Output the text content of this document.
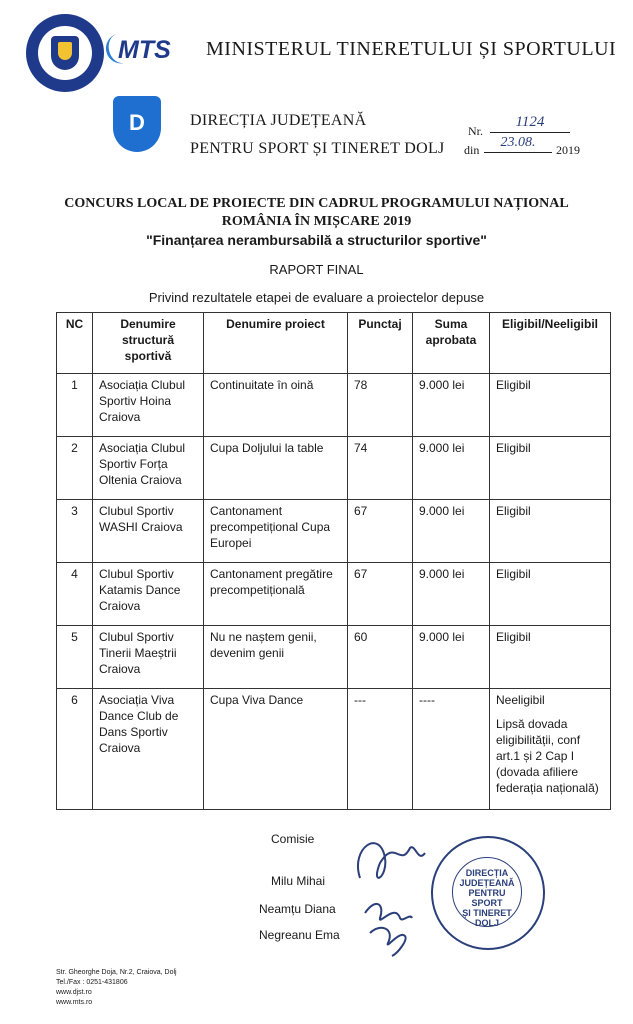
MTS MINISTERUL TINERETULUI ȘI SPORTULUI
D	DIRECȚIA JUDEȚEANĂ
PENTRU SPORT ȘI TINERET DOLJ
Nr.
1124
din	23.08.	2019
CONCURS LOCAL DE PROIECTE DIN CADRUL PROGRAMULUI NAȚIONAL
ROMÂNIA ÎN MIȘCARE 2019
"Finanțarea nerambursabilă a structurilor sportive"
RAPORT FINAL
Privind rezultatele etapei de evaluare a proiectelor depuse
NC	Denumire structură sportivă	Denumire proiect	Punctaj	Suma aprobata	Eligibil/Neeligibil
1	Asociația Clubul Sportiv Hoina Craiova	Continuitate în oină	78	9.000 lei	Eligibil
2	Asociația Clubul Sportiv Forța Oltenia Craiova	Cupa Doljului la table	74	9.000 lei	Eligibil
3	Clubul Sportiv WASHI Craiova	Cantonament precompetițional Cupa Europei	67	9.000 lei	Eligibil
4	Clubul Sportiv Katamis Dance Craiova	Cantonament pregătire precompetițională	67	9.000 lei	Eligibil
5	Clubul Sportiv Tinerii Maeștrii Craiova	Nu ne naștem genii, devenim genii	60	9.000 lei	Eligibil
6	Asociația Viva Dance Club de Dans Sportiv Craiova	Cupa Viva Dance	---	----	Neeligibil
Lipsă dovada eligibilității, conf art.1 și 2 Cap I (dovada afiliere federația națională)
Comisie
Milu Mihai
Neamțu Diana
Negreanu Ema
DIRECȚIA
JUDEȚEANĂ
PENTRU SPORT
ȘI TINERET
DOLJ
Str. Gheorghe Doja, Nr.2, Craiova, Dolj
Tel./Fax : 0251-431806
www.djst.ro
www.mts.ro
